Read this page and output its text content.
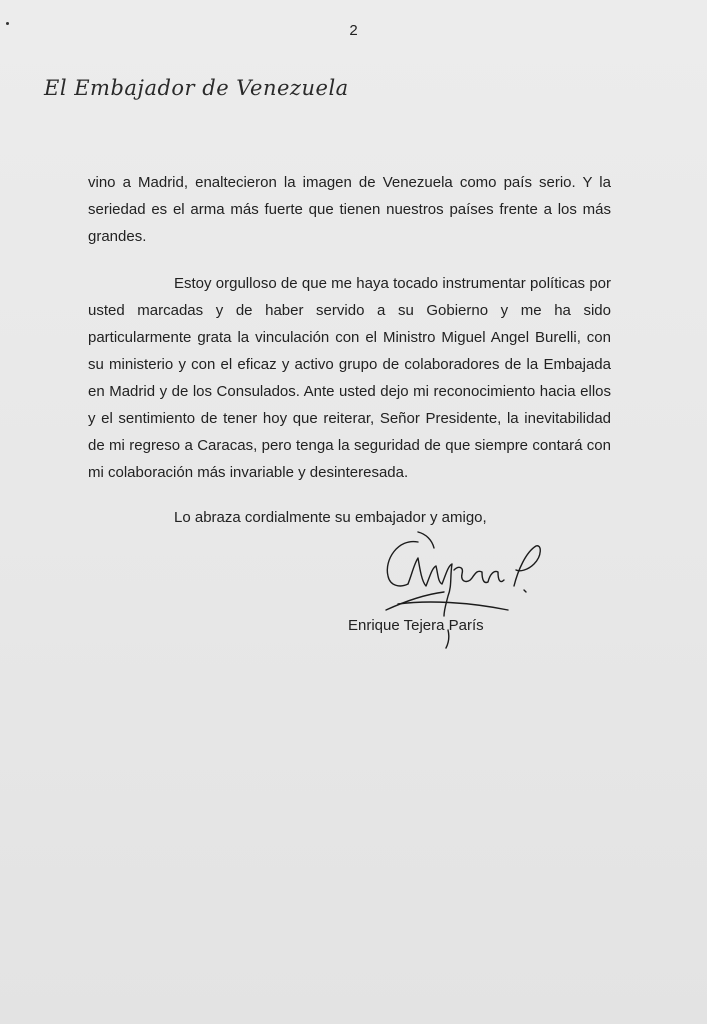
2
El Embajador de Venezuela

vino a Madrid, enaltecieron la imagen de Venezuela como país serio. Y la seriedad es el arma más fuerte que tienen nuestros países frente a los más grandes.

Estoy orgulloso de que me haya tocado instrumentar políticas por usted marcadas y de haber servido a su Gobierno y me ha sido particularmente grata la vinculación con el Ministro Miguel Angel Burelli, con su ministerio y con el eficaz y activo grupo de colaboradores de la Embajada en Madrid y de los Consulados. Ante usted dejo mi reconocimiento hacia ellos y el sentimiento de tener hoy que reiterar, Señor Presidente, la inevitabilidad de mi regreso a Caracas, pero tenga la seguridad de que siempre contará con mi colaboración más invariable y desinteresada.

Lo abraza cordialmente su embajador y amigo,
Enrique Tejera París
